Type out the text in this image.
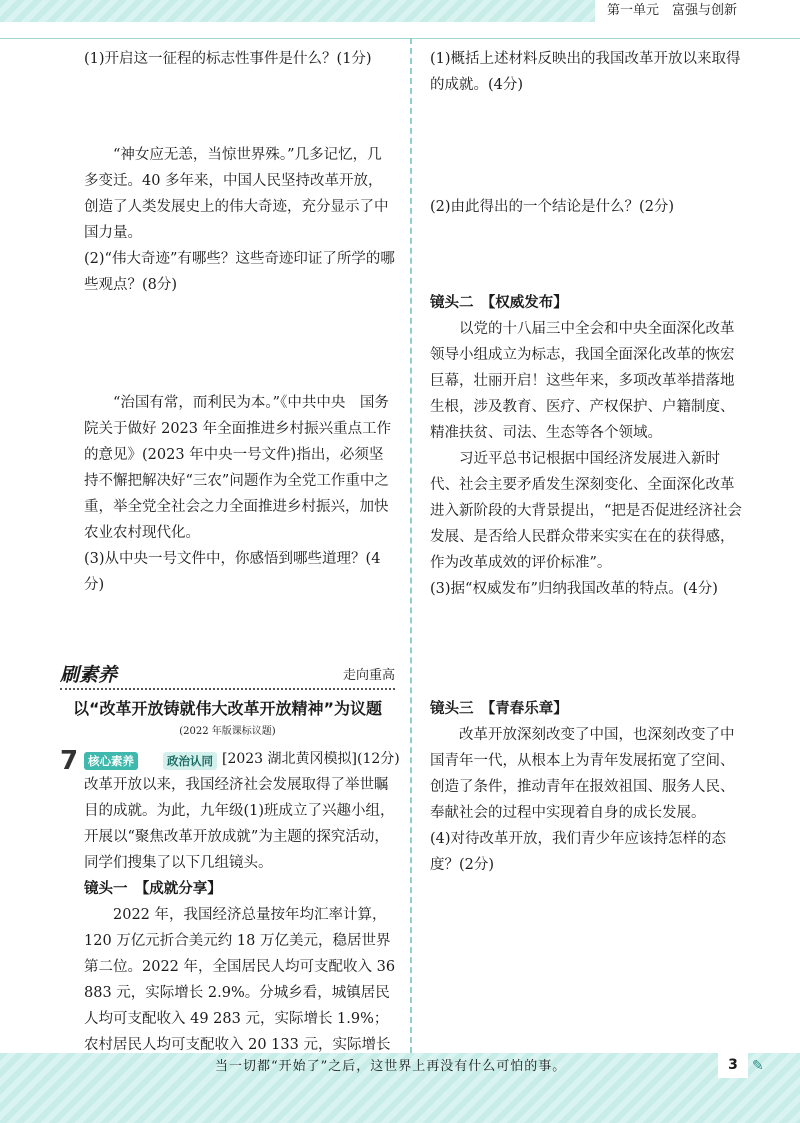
第一单元　富强与创新

(1)开启这一征程的标志性事件是什么？(1分)

“神女应无恙，当惊世界殊。”几多记忆，几多变迁。40 多年来，中国人民坚持改革开放，创造了人类发展史上的伟大奇迹，充分显示了中国力量。

(2)“伟大奇迹”有哪些？这些奇迹印证了所学的哪些观点？(8分)

“治国有常，而利民为本。”《中共中央　国务院关于做好 2023 年全面推进乡村振兴重点工作的意见》(2023 年中央一号文件)指出，必须坚持不懈把解决好“三农”问题作为全党工作重中之重，举全党全社会之力全面推进乡村振兴，加快农业农村现代化。

(3)从中央一号文件中，你感悟到哪些道理？(4分)

刷素养	走向重高
以“改革开放铸就伟大改革开放精神”为议题
(2022 年版课标议题)
7 核心素养	政治认同 [2023 湖北黄冈模拟](12分)

改革开放以来，我国经济社会发展取得了举世瞩目的成就。为此，九年级(1)班成立了兴趣小组，开展以“聚焦改革开放成就”为主题的探究活动，同学们搜集了以下几组镜头。

镜头一　【成就分享】

2022 年，我国经济总量按年均汇率计算，120 万亿元折合美元约 18 万亿美元，稳居世界第二位。2022 年，全国居民人均可支配收入 36 883 元，实际增长 2.9%。分城乡看，城镇居民人均可支配收入 49 283 元，实际增长 1.9%；农村居民人均可支配收入 20 133 元，实际增长

(1)概括上述材料反映出的我国改革开放以来取得的成就。(4分)

(2)由此得出的一个结论是什么？(2分)

镜头二　【权威发布】

以党的十八届三中全会和中央全面深化改革领导小组成立为标志，我国全面深化改革的恢宏巨幕，壮丽开启！这些年来，多项改革举措落地生根，涉及教育、医疗、产权保护、户籍制度、精准扶贫、司法、生态等各个领域。

习近平总书记根据中国经济发展进入新时代、社会主要矛盾发生深刻变化、全面深化改革进入新阶段的大背景提出，“把是否促进经济社会发展、是否给人民群众带来实实在在的获得感，作为改革成效的评价标准”。

(3)据“权威发布”归纳我国改革的特点。(4分)

镜头三　【青春乐章】

改革开放深刻改变了中国，也深刻改变了中国青年一代，从根本上为青年发展拓宽了空间、创造了条件，推动青年在报效祖国、服务人民、奉献社会的过程中实现着自身的成长发展。

(4)对待改革开放，我们青少年应该持怎样的态度？(2分)

当一切都“开始了”之后，这世界上再没有什么可怕的事。	3	✎
